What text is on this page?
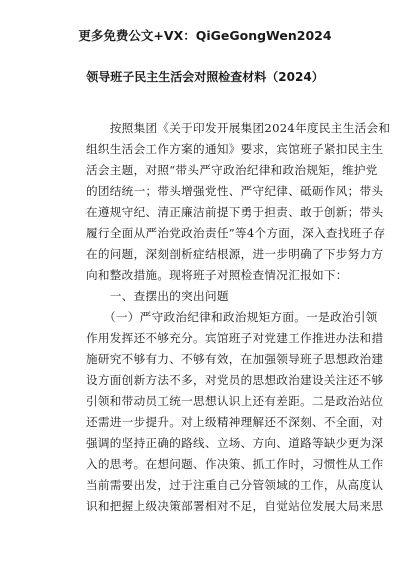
更多免费公文+VX：QiGeGongWen2024
领导班子民主生活会对照检查材料（2024）
　　按照集团《关于印发开展集团2024年度民主生活会和
组织生活会工作方案的通知》要求，宾馆班子紧扣民主生
活会主题，对照“带头严守政治纪律和政治规矩，维护党
的团结统一；带头增强党性、严守纪律、砥砺作风；带头
在遵规守纪、清正廉洁前提下勇于担责、敢于创新；带头
履行全面从严治党政治责任”等4个方面，深入查找班子存
在的问题，深刻剖析症结根源，进一步明确了下步努力方
向和整改措施。现将班子对照检查情况汇报如下：
　　一、查摆出的突出问题
　　（一）严守政治纪律和政治规矩方面。一是政治引领
作用发挥还不够充分。宾馆班子对党建工作推进办法和措
施研究不够有力、不够有效，在加强领导班子思想政治建
设方面创新方法不多，对党员的思想政治建设关注还不够
引领和带动员工统一思想认识上还有差距。二是政治站位
还需进一步提升。对上级精神理解还不深刻、不全面，对
强调的坚持正确的路线、立场、方向、道路等缺少更为深
入的思考。在想问题、作决策、抓工作时，习惯性从工作
当前需要出发，过于注重自己分管领域的工作，从高度认
识和把握上级决策部署相对不足，自觉站位发展大局来思
